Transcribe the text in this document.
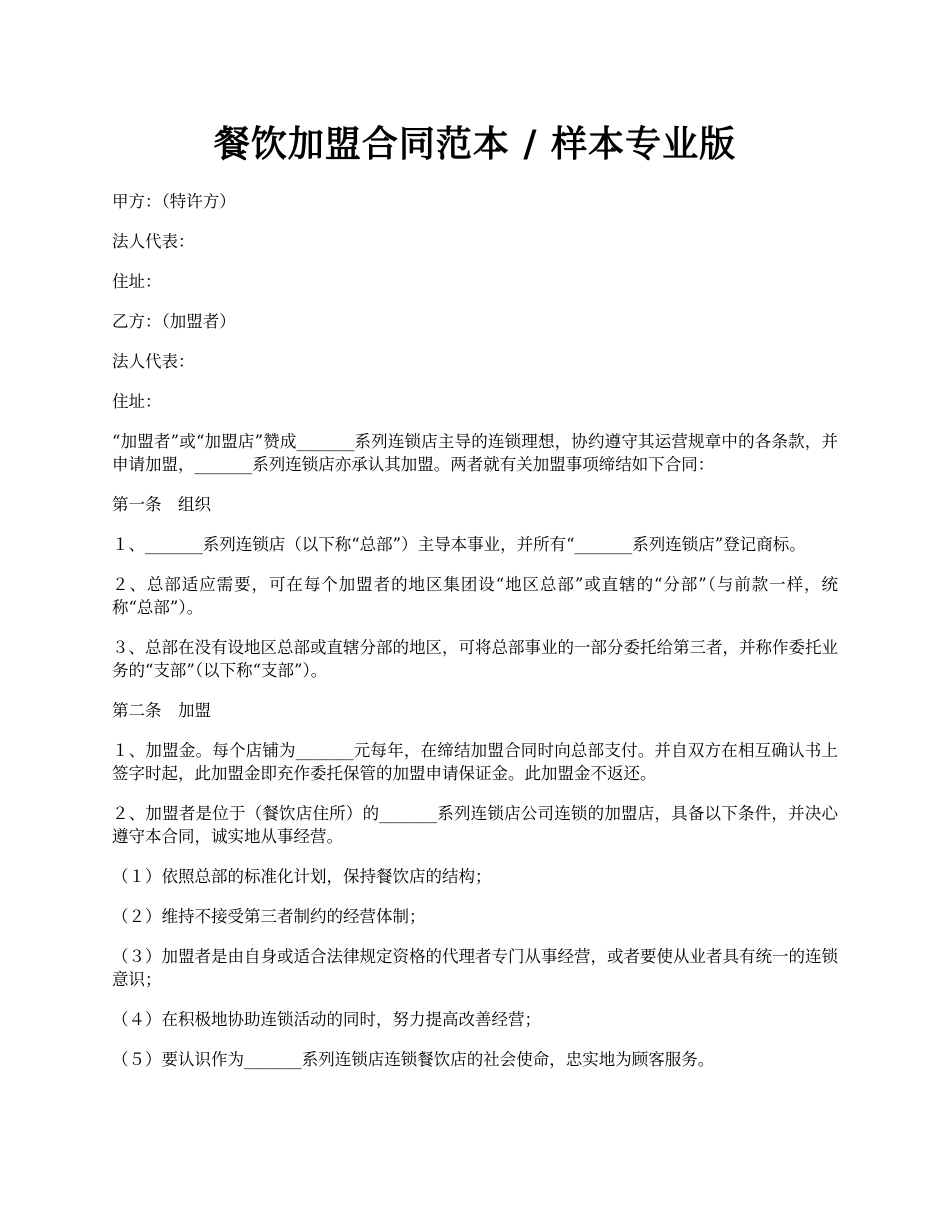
餐饮加盟合同范本 / 样本专业版

甲方：（特许方）

法人代表：

住址：

乙方：（加盟者）

法人代表：

住址：

“加盟者”或“加盟店”赞成_______系列连锁店主导的连锁理想，协约遵守其运营规章中的各条款，并申请加盟，_______系列连锁店亦承认其加盟。两者就有关加盟事项缔结如下合同：

第一条　组织

１、_______系列连锁店（以下称“总部”）主导本事业，并所有“_______系列连锁店”登记商标。

２、总部适应需要，可在每个加盟者的地区集团设“地区总部”或直辖的“分部”（与前款一样，统称“总部”）。

３、总部在没有设地区总部或直辖分部的地区，可将总部事业的一部分委托给第三者，并称作委托业务的“支部”（以下称“支部”）。

第二条　加盟

１、加盟金。每个店铺为_______元每年，在缔结加盟合同时向总部支付。并自双方在相互确认书上签字时起，此加盟金即充作委托保管的加盟申请保证金。此加盟金不返还。

２、加盟者是位于（餐饮店住所）的_______系列连锁店公司连锁的加盟店，具备以下条件，并决心遵守本合同，诚实地从事经营。

（１）依照总部的标准化计划，保持餐饮店的结构；

（２）维持不接受第三者制约的经营体制；

（３）加盟者是由自身或适合法律规定资格的代理者专门从事经营，或者要使从业者具有统一的连锁意识；

（４）在积极地协助连锁活动的同时，努力提高改善经营；

（５）要认识作为_______系列连锁店连锁餐饮店的社会使命，忠实地为顾客服务。
